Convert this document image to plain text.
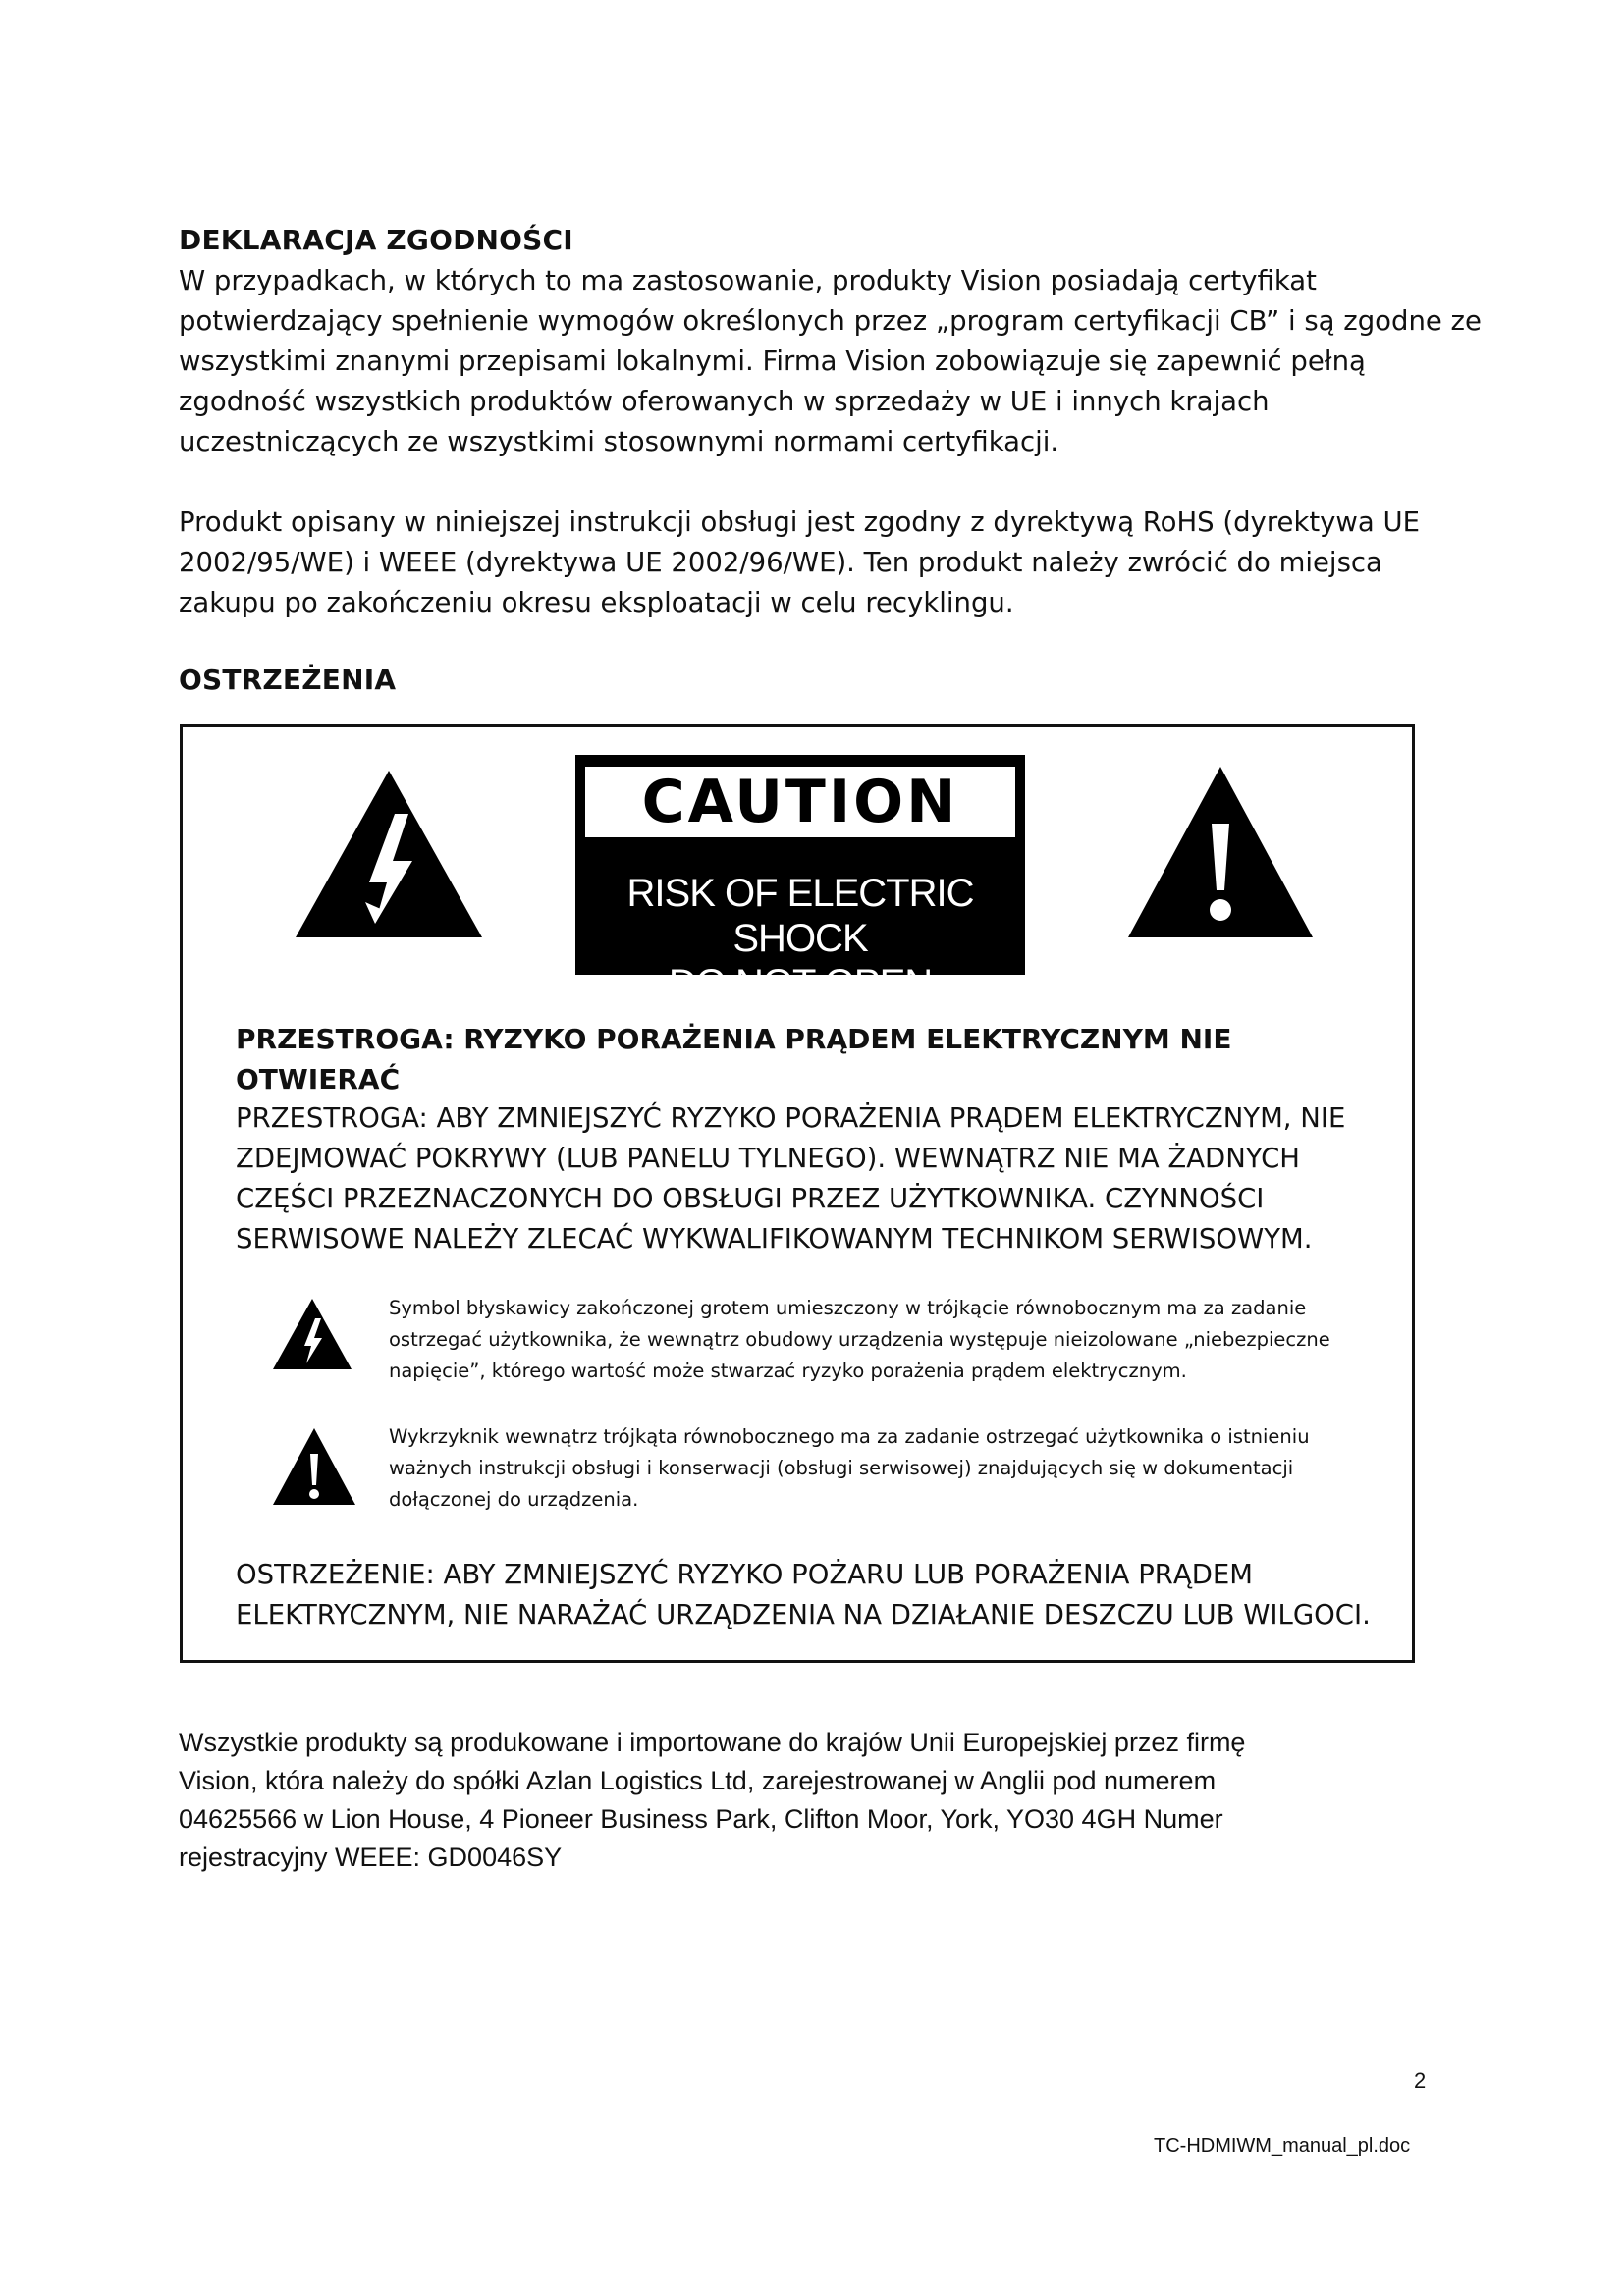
DEKLARACJA ZGODNOŚCI
W przypadkach, w których to ma zastosowanie, produkty Vision posiadają certyfikat
potwierdzający spełnienie wymogów określonych przez „program certyfikacji CB” i są zgodne ze
wszystkimi znanymi przepisami lokalnymi. Firma Vision zobowiązuje się zapewnić pełną
zgodność wszystkich produktów oferowanych w sprzedaży w UE i innych krajach
uczestniczących ze wszystkimi stosownymi normami certyfikacji.
Produkt opisany w niniejszej instrukcji obsługi jest zgodny z dyrektywą RoHS (dyrektywa UE
2002/95/WE) i WEEE (dyrektywa UE 2002/96/WE). Ten produkt należy zwrócić do miejsca
zakupu po zakończeniu okresu eksploatacji w celu recyklingu.
OSTRZEŻENIA
CAUTION
RISK OF ELECTRIC SHOCK
DO NOT OPEN
PRZESTROGA: RYZYKO PORAŻENIA PRĄDEM ELEKTRYCZNYM NIE
OTWIERAĆ
PRZESTROGA: ABY ZMNIEJSZYĆ RYZYKO PORAŻENIA PRĄDEM ELEKTRYCZNYM, NIE
ZDEJMOWAĆ POKRYWY (LUB PANELU TYLNEGO). WEWNĄTRZ NIE MA ŻADNYCH
CZĘŚCI PRZEZNACZONYCH DO OBSŁUGI PRZEZ UŻYTKOWNIKA. CZYNNOŚCI
SERWISOWE NALEŻY ZLECAĆ WYKWALIFIKOWANYM TECHNIKOM SERWISOWYM.
Symbol błyskawicy zakończonej grotem umieszczony w trójkącie równobocznym ma za zadanie
ostrzegać użytkownika, że wewnątrz obudowy urządzenia występuje nieizolowane „niebezpieczne
napięcie”, którego wartość może stwarzać ryzyko porażenia prądem elektrycznym.
Wykrzyknik wewnątrz trójkąta równobocznego ma za zadanie ostrzegać użytkownika o istnieniu
ważnych instrukcji obsługi i konserwacji (obsługi serwisowej) znajdujących się w dokumentacji
dołączonej do urządzenia.
OSTRZEŻENIE: ABY ZMNIEJSZYĆ RYZYKO POŻARU LUB PORAŻENIA PRĄDEM
ELEKTRYCZNYM, NIE NARAŻAĆ URZĄDZENIA NA DZIAŁANIE DESZCZU LUB WILGOCI.
Wszystkie produkty są produkowane i importowane do krajów Unii Europejskiej przez firmę
Vision, która należy do spółki Azlan Logistics Ltd, zarejestrowanej w Anglii pod numerem
04625566 w Lion House, 4 Pioneer Business Park, Clifton Moor, York, YO30 4GH Numer
rejestracyjny WEEE: GD0046SY
2
TC-HDMIWM_manual_pl.doc
